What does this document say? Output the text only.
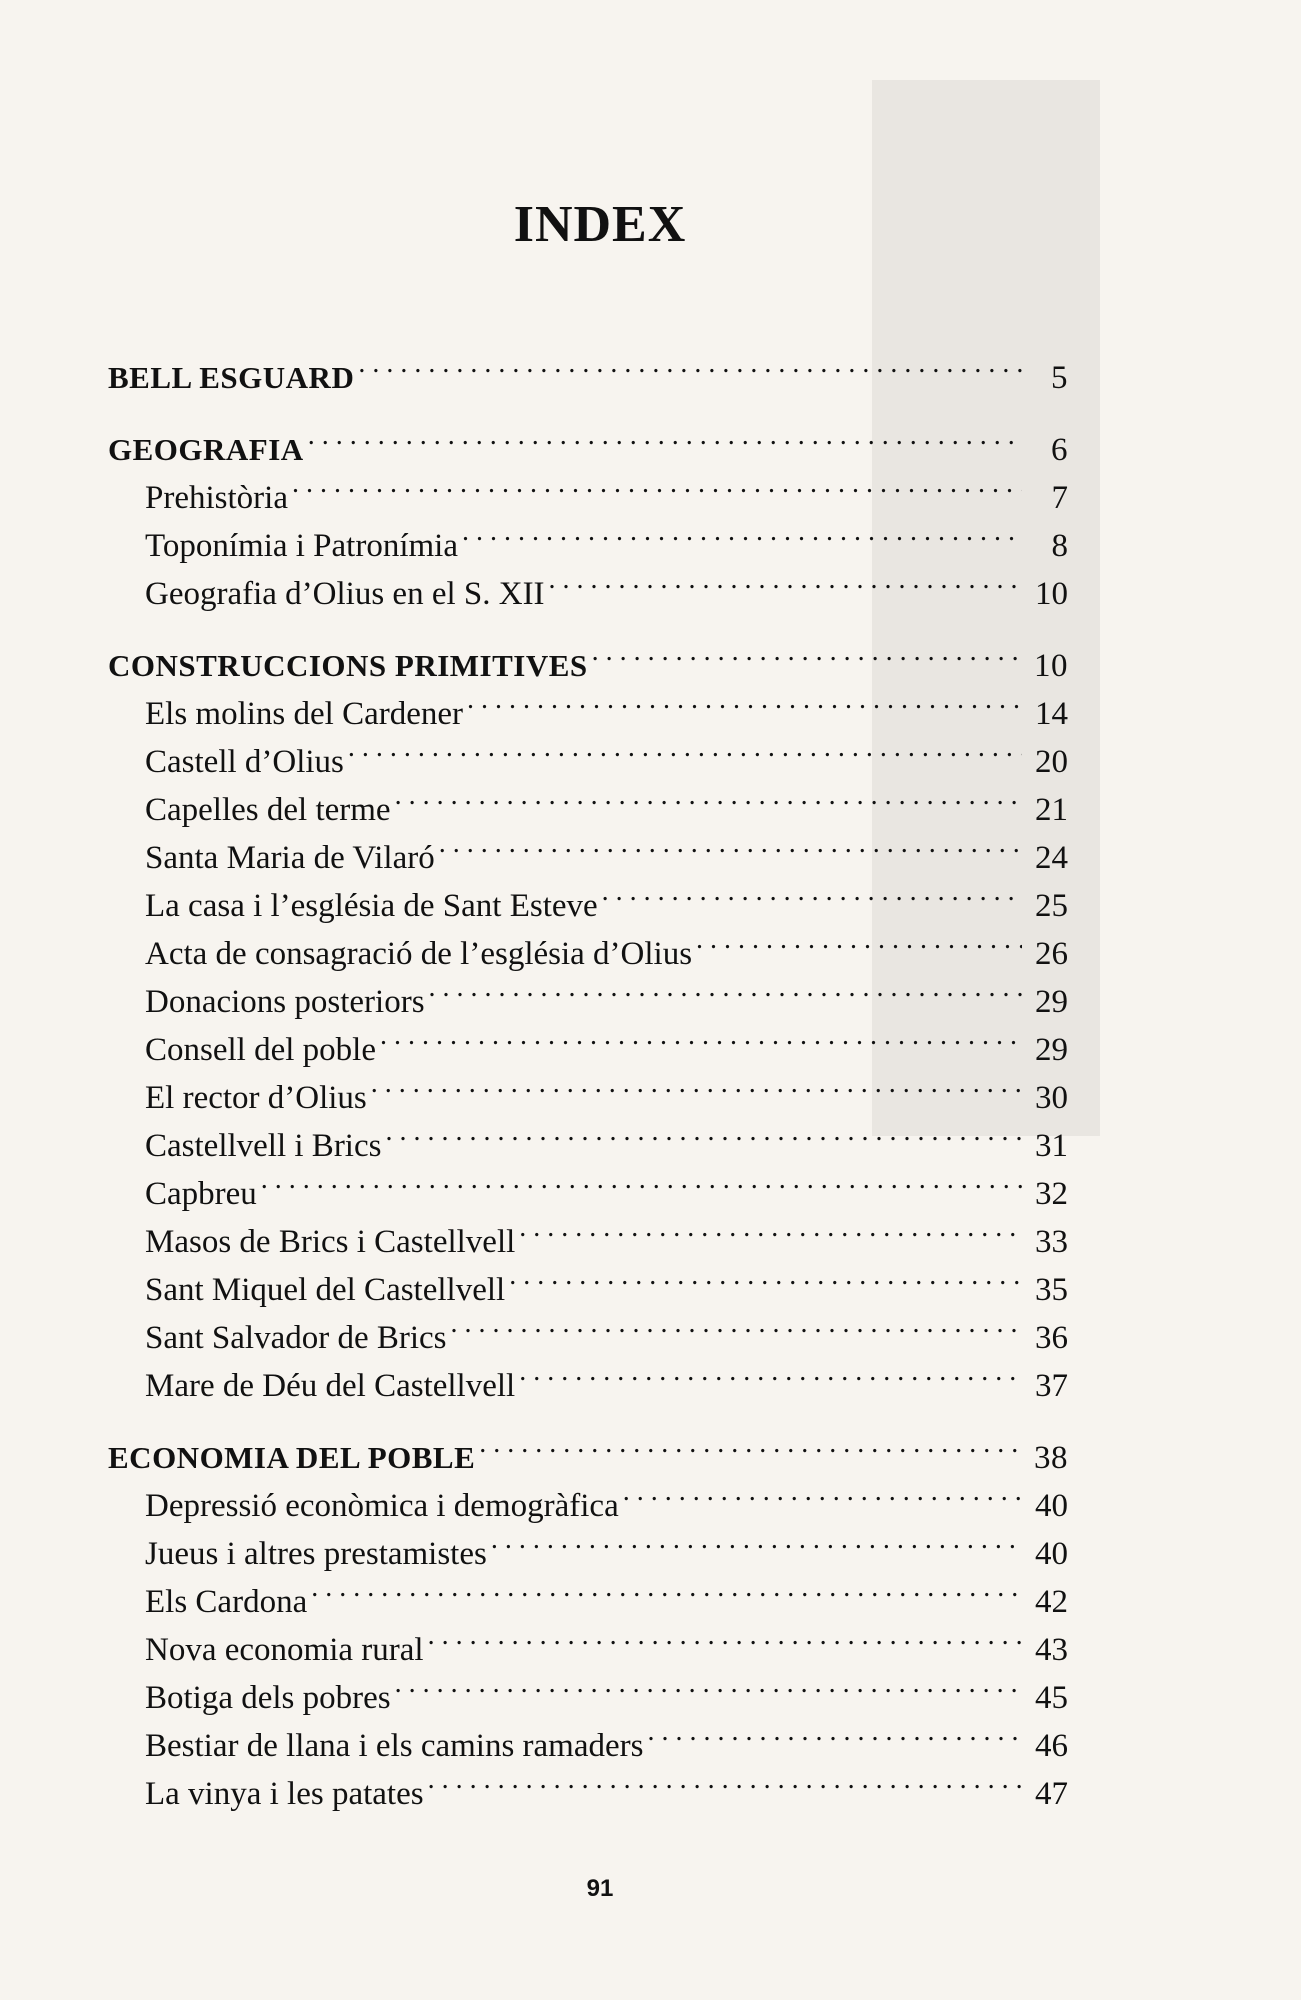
INDEX
BELL ESGUARD . . .	5
GEOGRAFIA . . .	6
Prehistòria . . .	7
Toponímia i Patronímia . . .	8
Geografia d’Olius en el S. XII . . .	10
CONSTRUCCIONS PRIMITIVES . . .	10
Els molins del Cardener . . .	14
Castell d’Olius . . .	20
Capelles del terme . . .	21
Santa Maria de Vilaró . . .	24
La casa i l’església de Sant Esteve . . .	25
Acta de consagració de l’església d’Olius . . .	26
Donacions posteriors . . .	29
Consell del poble . . .	29
El rector d’Olius . . .	30
Castellvell i Brics . . .	31
Capbreu . . .	32
Masos de Brics i Castellvell . . .	33
Sant Miquel del Castellvell . . .	35
Sant Salvador de Brics . . .	36
Mare de Déu del Castellvell . . .	37
ECONOMIA DEL POBLE . . .	38
Depressió econòmica i demogràfica . . .	40
Jueus i altres prestamistes . . .	40
Els Cardona . . .	42
Nova economia rural . . .	43
Botiga dels pobres . . .	45
Bestiar de llana i els camins ramaders . . .	46
La vinya i les patates . . .	47
91
